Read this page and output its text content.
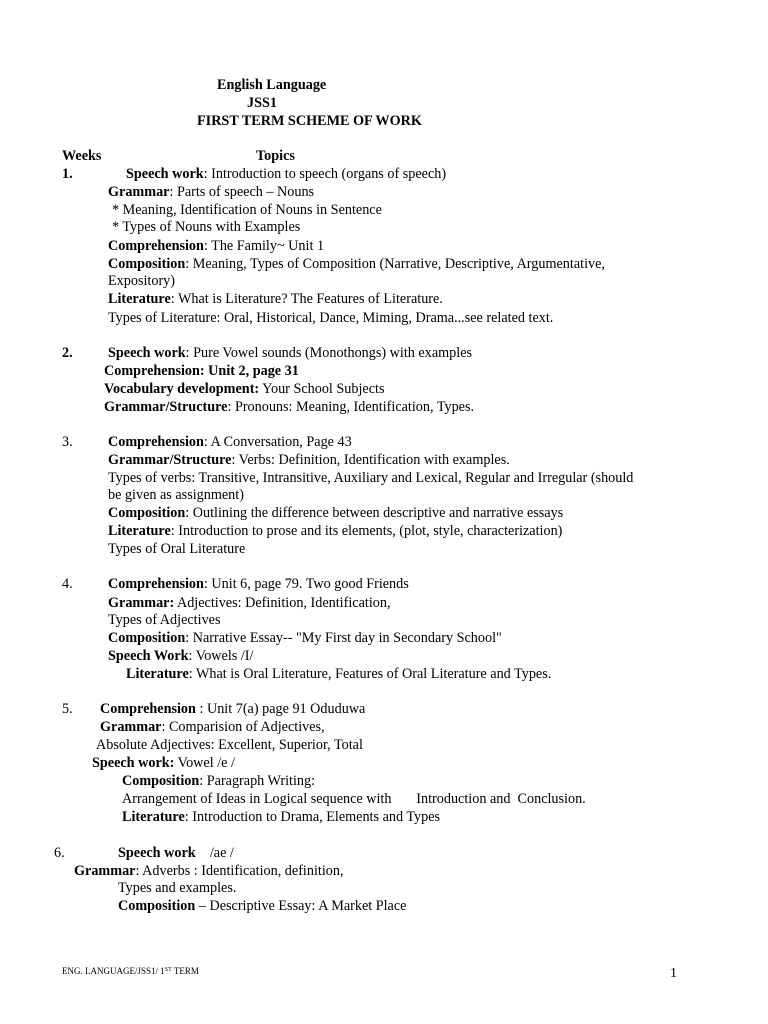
English Language
JSS1
FIRST TERM SCHEME OF WORK
Weeks	Topics
1.	Speech work: Introduction to speech (organs of speech)
Grammar: Parts of speech – Nouns
* Meaning, Identification of Nouns in Sentence
* Types of Nouns with Examples
Comprehension: The Family~ Unit 1
Composition: Meaning, Types of Composition (Narrative, Descriptive, Argumentative,
Expository)
Literature: What is Literature? The Features of Literature.
Types of Literature: Oral, Historical, Dance, Miming, Drama...see related text.
2. Speech work: Pure Vowel sounds (Monothongs) with examples
Comprehension: Unit 2, page 31
Vocabulary development: Your School Subjects
Grammar/Structure: Pronouns: Meaning, Identification, Types.
3. Comprehension: A Conversation, Page 43
Grammar/Structure: Verbs: Definition, Identification with examples.
Types of verbs: Transitive, Intransitive, Auxiliary and Lexical, Regular and Irregular (should
be given as assignment)
Composition: Outlining the difference between descriptive and narrative essays
Literature: Introduction to prose and its elements, (plot, style, characterization)
Types of Oral Literature
4. Comprehension: Unit 6, page 79. Two good Friends
Grammar: Adjectives: Definition, Identification,
Types of Adjectives
Composition: Narrative Essay-- "My First day in Secondary School"
Speech Work: Vowels /I/
Literature: What is Oral Literature, Features of Oral Literature and Types.
5. Comprehension : Unit 7(a) page 91 Oduduwa
Grammar: Comparision of Adjectives,
Absolute Adjectives: Excellent, Superior, Total
Speech work: Vowel /e /
Composition: Paragraph Writing:
Arrangement of Ideas in Logical sequence with       Introduction and  Conclusion.
Literature: Introduction to Drama, Elements and Types
6.	Speech work    /ae /
Grammar: Adverbs : Identification, definition,
Types and examples.
Composition – Descriptive Essay: A Market Place
ENG. LANGUAGE/JSS1/ 1ST TERM	1
